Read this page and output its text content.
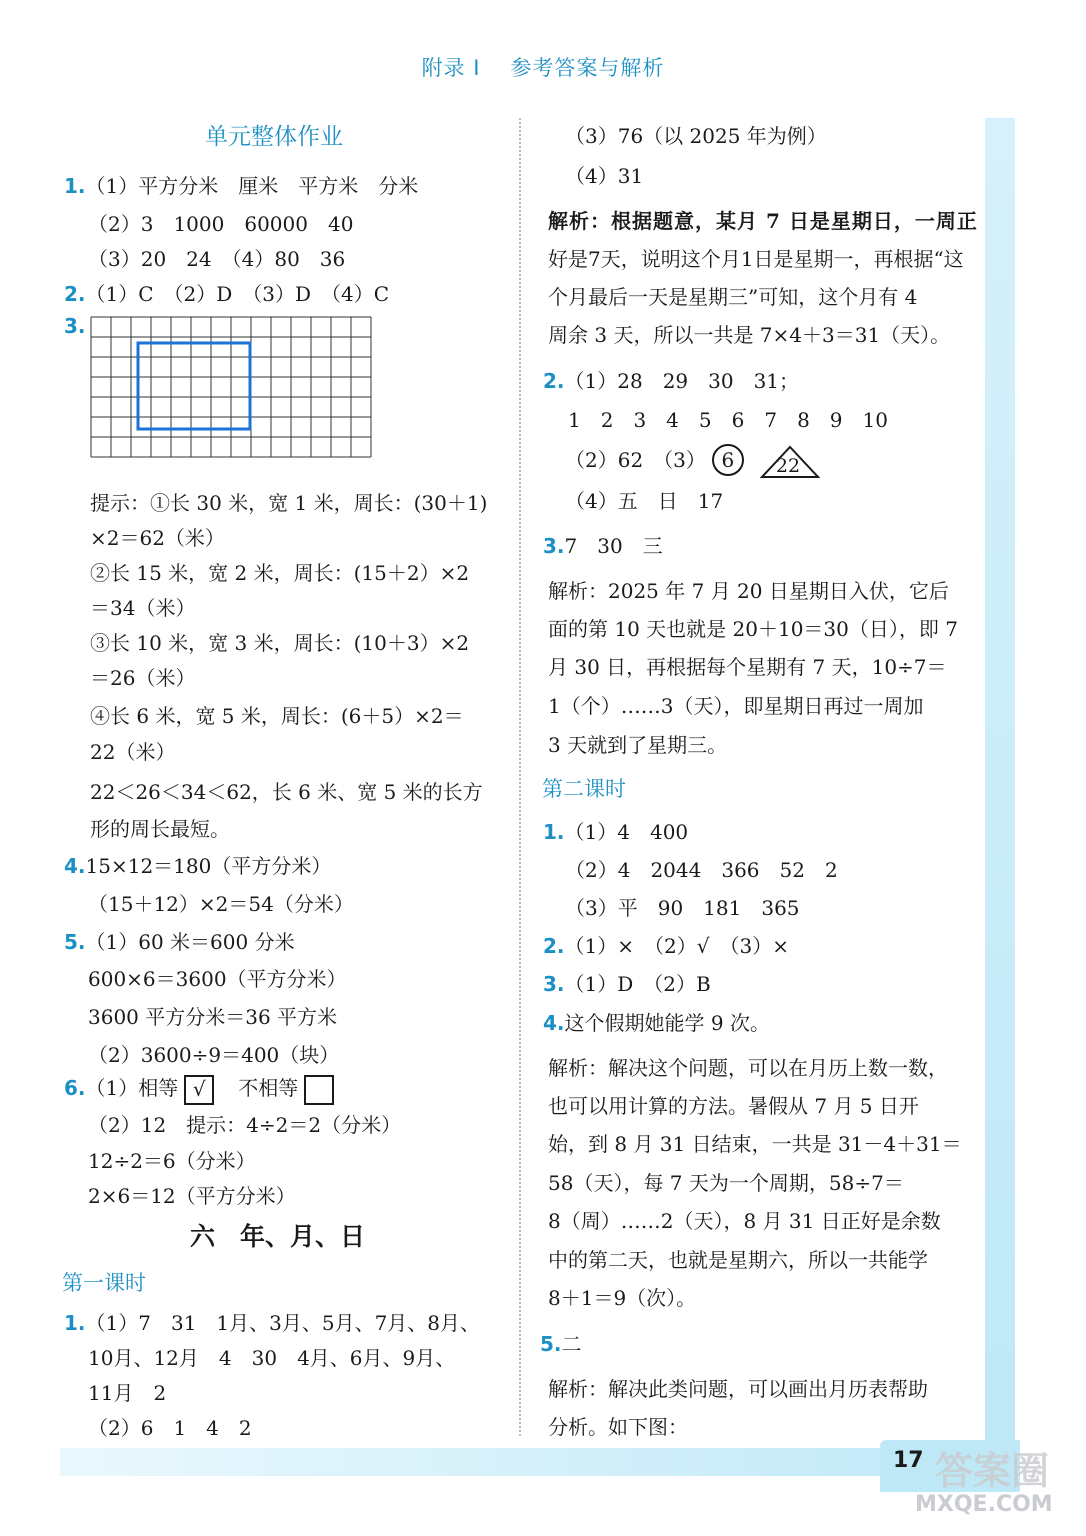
17 答案圈
MXQE.COM
附录 I 参考答案与解析
单元整体作业
1.（1）平方分米　厘米　平方米　分米
（2）3　1000　60000　40
（3）20　24　（4）80　36
2.（1）C　（2）D　（3）D　（4）C
3.
提示：①长 30 米，宽 1 米，周长：(30＋1)
×2＝62（米）
②长 15 米，宽 2 米，周长：(15＋2）×2
＝34（米）
③长 10 米，宽 3 米，周长：(10＋3）×2
＝26（米）
④长 6 米，宽 5 米，周长：(6＋5）×2＝
22（米）
22＜26＜34＜62，长 6 米、宽 5 米的长方
形的周长最短。
4.15×12＝180（平方分米）
（15＋12）×2＝54（分米）
5.（1）60 米＝600 分米
600×6＝3600（平方分米）
3600 平方分米＝36 平方米
（2）3600÷9＝400（块）
6.（1）相等 √ 不相等
（2）12　提示：4÷2＝2（分米）
12÷2＝6（分米）
2×6＝12（平方分米）
六　年、月、日
第一课时
1.（1）7　31　1月、3月、5月、7月、8月、
10月、12月　4　30　4月、6月、9月、
11月　2
（2）6　1　4　2
（3）76（以 2025 年为例）
（4）31
解析：根据题意，某月 7 日是星期日，一周正
好是7天，说明这个月1日是星期一，再根据“这
个月最后一天是星期三”可知，这个月有 4
周余 3 天，所以一共是 7×4＋3＝31（天）。
2.（1）28　29　30　31；
1　2　3　4　5　6　7　8　9　10
（2）62　（3） 6 22
（4）五　日　17
3.7　30　三
解析：2025 年 7 月 20 日星期日入伏，它后
面的第 10 天也就是 20＋10＝30（日），即 7
月 30 日，再根据每个星期有 7 天，10÷7＝
1（个）……3（天），即星期日再过一周加
3 天就到了星期三。
第二课时
1.（1）4　400
（2）4　2044　366　52　2
（3）平　90　181　365
2.（1）×　（2）√　（3）×
3.（1）D　（2）B
4.这个假期她能学 9 次。
解析：解决这个问题，可以在月历上数一数，
也可以用计算的方法。暑假从 7 月 5 日开
始，到 8 月 31 日结束，一共是 31－4＋31＝
58（天），每 7 天为一个周期，58÷7＝
8（周）……2（天），8 月 31 日正好是余数
中的第二天，也就是星期六，所以一共能学
8＋1＝9（次）。
5.二
解析：解决此类问题，可以画出月历表帮助
分析。如下图：
